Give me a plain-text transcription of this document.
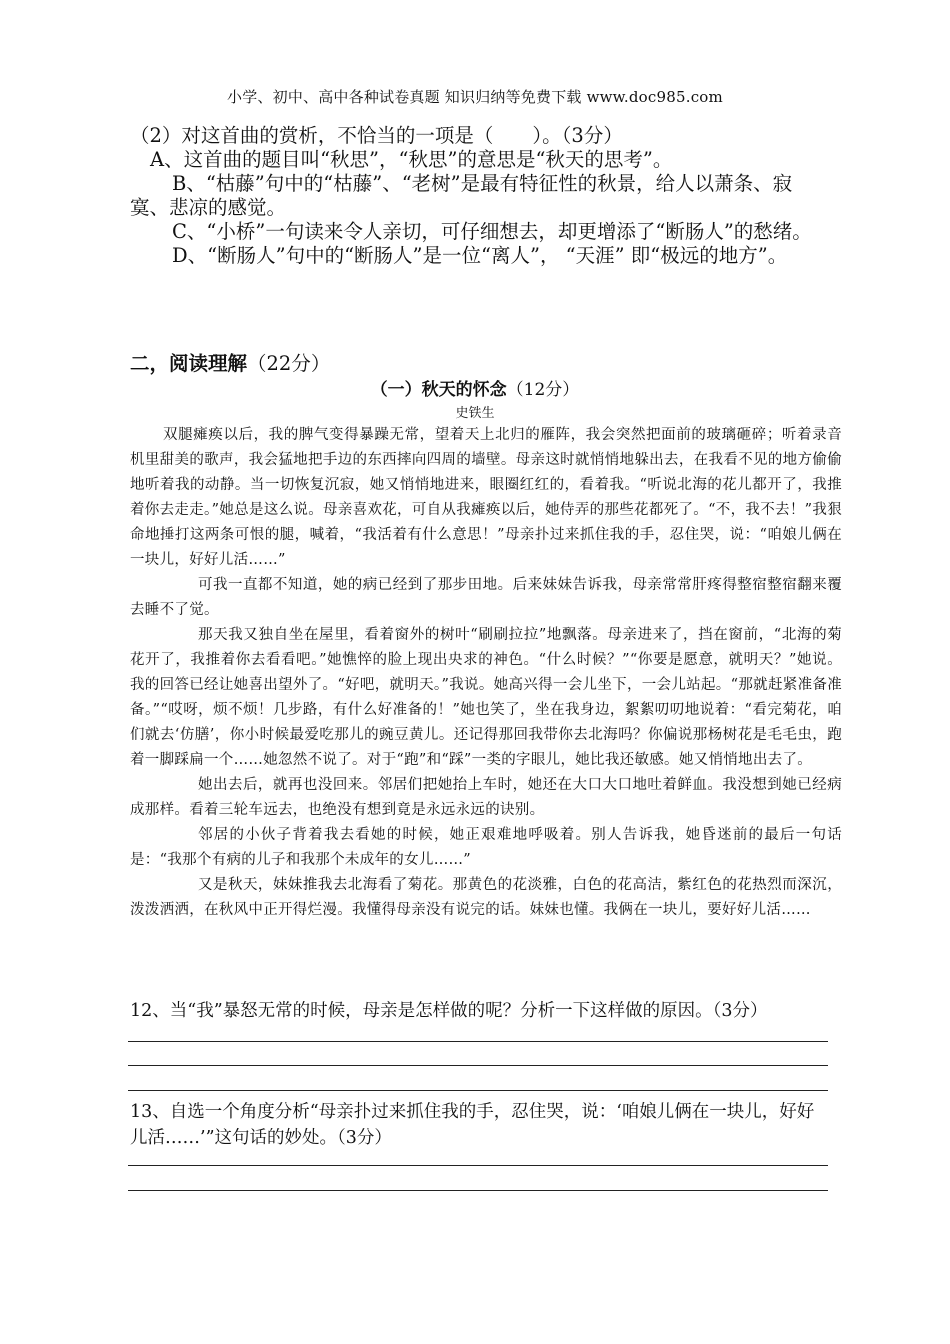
小学、初中、高中各种试卷真题 知识归纳等免费下载 www.doc985.com

（2）对这首曲的赏析，不恰当的一项是（　　）。（3分）

A、这首曲的题目叫“秋思”，“秋思”的意思是“秋天的思考”。

B、“枯藤”句中的“枯藤”、“老树”是最有特征性的秋景，给人以萧条、寂寞、悲凉的感觉。

C、“小桥”一句读来令人亲切，可仔细想去，却更增添了“断肠人”的愁绪。

D、“断肠人”句中的“断肠人”是一位“离人”， “天涯” 即“极远的地方”。

二，阅读理解（22分）
（一）秋天的怀念（12分）
史铁生

双腿瘫痪以后，我的脾气变得暴躁无常，望着天上北归的雁阵，我会突然把面前的玻璃砸碎；听着录音机里甜美的歌声，我会猛地把手边的东西摔向四周的墙壁。母亲这时就悄悄地躲出去，在我看不见的地方偷偷地听着我的动静。当一切恢复沉寂，她又悄悄地进来，眼圈红红的，看着我。“听说北海的花儿都开了，我推着你去走走。”她总是这么说。母亲喜欢花，可自从我瘫痪以后，她侍弄的那些花都死了。“不，我不去！”我狠命地捶打这两条可恨的腿，喊着，“我活着有什么意思！”母亲扑过来抓住我的手，忍住哭，说：“咱娘儿俩在一块儿，好好儿活……”

可我一直都不知道，她的病已经到了那步田地。后来妹妹告诉我，母亲常常肝疼得整宿整宿翻来覆去睡不了觉。

那天我又独自坐在屋里，看着窗外的树叶“刷刷拉拉”地飘落。母亲进来了，挡在窗前，“北海的菊花开了，我推着你去看看吧。”她憔悴的脸上现出央求的神色。“什么时候？”“你要是愿意，就明天？”她说。我的回答已经让她喜出望外了。“好吧，就明天。”我说。她高兴得一会儿坐下，一会儿站起。“那就赶紧准备准备。”“哎呀，烦不烦！几步路，有什么好准备的！”她也笑了，坐在我身边，絮絮叨叨地说着：“看完菊花，咱们就去‘仿膳’，你小时候最爱吃那儿的豌豆黄儿。还记得那回我带你去北海吗？你偏说那杨树花是毛毛虫，跑着一脚踩扁一个……她忽然不说了。对于“跑”和“踩”一类的字眼儿，她比我还敏感。她又悄悄地出去了。

她出去后，就再也没回来。邻居们把她抬上车时，她还在大口大口地吐着鲜血。我没想到她已经病成那样。看着三轮车远去，也绝没有想到竟是永远永远的诀别。

邻居的小伙子背着我去看她的时候，她正艰难地呼吸着。别人告诉我，她昏迷前的最后一句话是：“我那个有病的儿子和我那个未成年的女儿……”

又是秋天，妹妹推我去北海看了菊花。那黄色的花淡雅，白色的花高洁，紫红色的花热烈而深沉，泼泼洒洒，在秋风中正开得烂漫。我懂得母亲没有说完的话。妹妹也懂。我俩在一块儿，要好好儿活……

12、当“我”暴怒无常的时候，母亲是怎样做的呢？分析一下这样做的原因。（3分）

13、自选一个角度分析“母亲扑过来抓住我的手，忍住哭，说：‘咱娘儿俩在一块儿，好好儿活……’”这句话的妙处。（3分）
